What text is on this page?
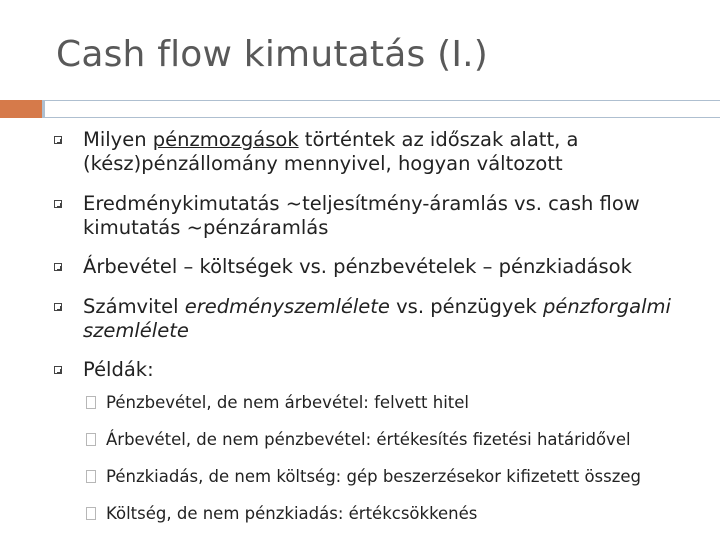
Cash flow kimutatás (I.)
Milyen pénzmozgások történtek az időszak alatt, a (kész)pénzállomány mennyivel, hogyan változott
Eredménykimutatás ~teljesítmény-áramlás vs. cash flow kimutatás ~pénzáramlás
Árbevétel – költségek vs. pénzbevételek – pénzkiadások
Számvitel eredményszemlélete vs. pénzügyek pénzforgalmi szemlélete
Példák:
Pénzbevétel, de nem árbevétel: felvett hitel
Árbevétel, de nem pénzbevétel: értékesítés fizetési határidővel
Pénzkiadás, de nem költség: gép beszerzésekor kifizetett összeg
Költség, de nem pénzkiadás: értékcsökkenés
